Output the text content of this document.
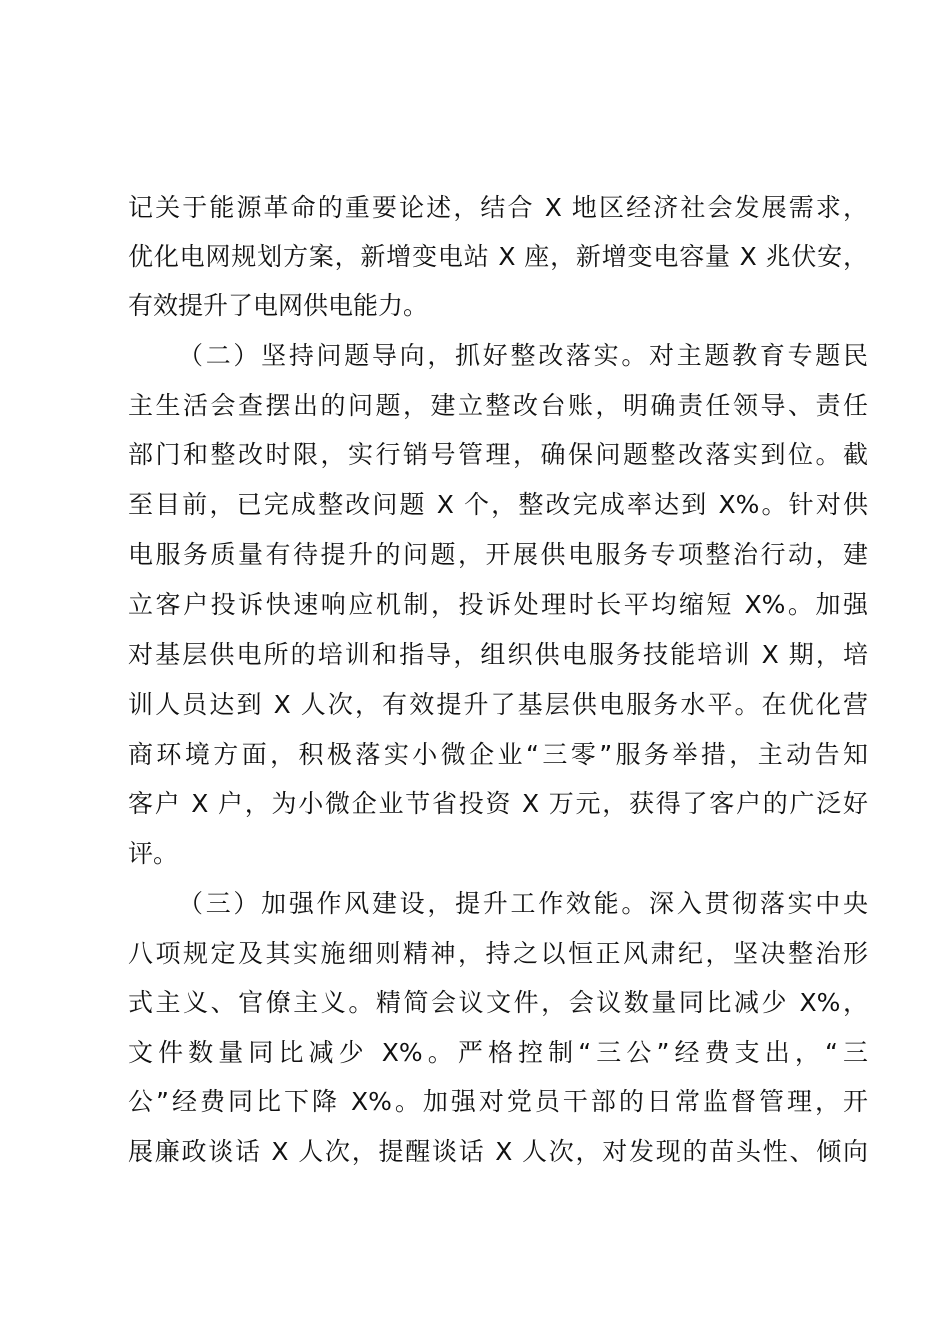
记关于能源革命的重要论述，结合 X 地区经济社会发展需求，
优化电网规划方案，新增变电站 X 座，新增变电容量 X 兆伏安，
有效提升了电网供电能力。
（二）坚持问题导向，抓好整改落实。对主题教育专题民
主生活会查摆出的问题，建立整改台账，明确责任领导、责任
部门和整改时限，实行销号管理，确保问题整改落实到位。截
至目前，已完成整改问题 X 个，整改完成率达到 X%。针对供
电服务质量有待提升的问题，开展供电服务专项整治行动，建
立客户投诉快速响应机制，投诉处理时长平均缩短 X%。加强
对基层供电所的培训和指导，组织供电服务技能培训 X 期，培
训人员达到 X 人次，有效提升了基层供电服务水平。在优化营
商环境方面，积极落实小微企业“三零”服务举措，主动告知
客户 X 户，为小微企业节省投资 X 万元，获得了客户的广泛好
评。
（三）加强作风建设，提升工作效能。深入贯彻落实中央
八项规定及其实施细则精神，持之以恒正风肃纪，坚决整治形
式主义、官僚主义。精简会议文件，会议数量同比减少 X%，
文件数量同比减少 X%。严格控制“三公”经费支出，“三
公”经费同比下降 X%。加强对党员干部的日常监督管理，开
展廉政谈话 X 人次，提醒谈话 X 人次，对发现的苗头性、倾向
